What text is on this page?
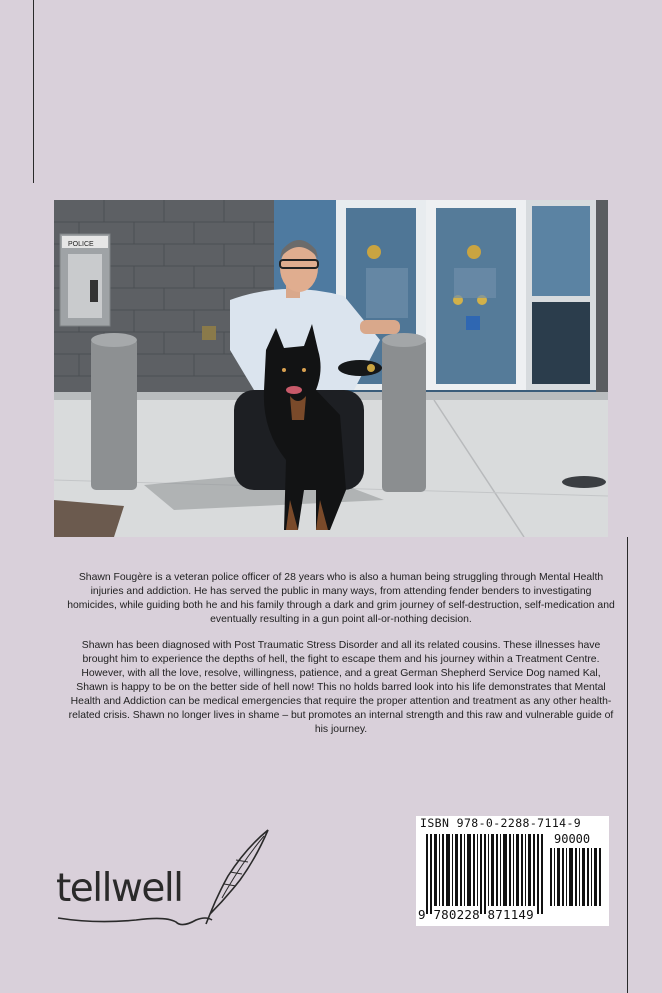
POLICE

Shawn Fougère is a veteran police officer of 28 years who is also a human being struggling through Mental Health injuries and addiction. He has served the public in many ways, from attending fender benders to investigating homicides, while guiding both he and his family through a dark and grim journey of self-destruction, self-medication and eventually resulting in a gun point all-or-nothing decision.

Shawn has been diagnosed with Post Traumatic Stress Disorder and all its related cousins. These illnesses have brought him to experience the depths of hell, the fight to escape them and his journey within a Treatment Centre. However, with all the love, resolve, willingness, patience, and a great German Shepherd Service Dog named Kal, Shawn is happy to be on the better side of hell now! This no holds barred look into his life demonstrates that Mental Health and Addiction can be medical emergencies that require the proper attention and treatment as any other health-related crisis. Shawn no longer lives in shame – but promotes an internal strength and this raw and vulnerable guide of his journey.

ISBN 978-0-2288-7114-9
90000
9 780228 871149
tellwell
